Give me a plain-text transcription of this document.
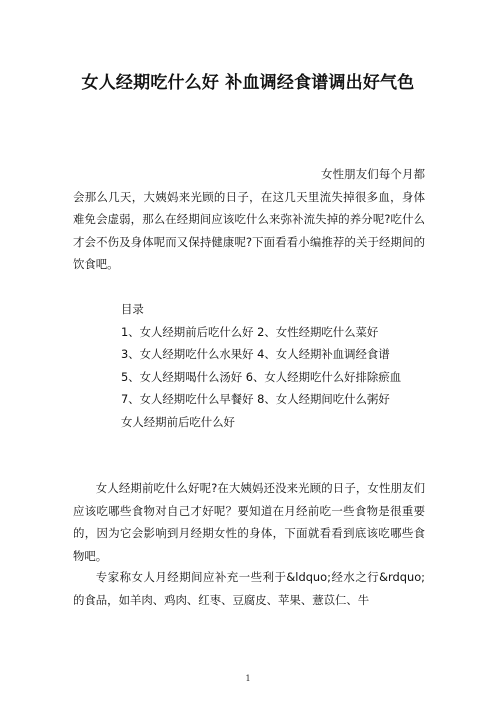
女人经期吃什么好 补血调经食谱调出好气色
女性朋友们每个月都会那么几天，大姨妈来光顾的日子，在这几天里流失掉很多血，身体难免会虚弱，那么在经期间应该吃什么来弥补流失掉的养分呢?吃什么才会不伤及身体呢而又保持健康呢?下面看看小编推荐的关于经期间的饮食吧。
目录
1、女人经期前后吃什么好 2、女性经期吃什么菜好
3、女人经期吃什么水果好 4、女人经期补血调经食谱
5、女人经期喝什么汤好 6、女人经期吃什么好排除瘀血
7、女人经期吃什么早餐好 8、女人经期间吃什么粥好
女人经期前后吃什么好
女人经期前吃什么好呢?在大姨妈还没来光顾的日子，女性朋友们应该吃哪些食物对自己才好呢？要知道在月经前吃一些食物是很重要的，因为它会影响到月经期女性的身体，下面就看看到底该吃哪些食物吧。
专家称女人月经期间应补充一些利于&ldquo;经水之行&rdquo;的食品，如羊肉、鸡肉、红枣、豆腐皮、苹果、薏苡仁、牛
1
